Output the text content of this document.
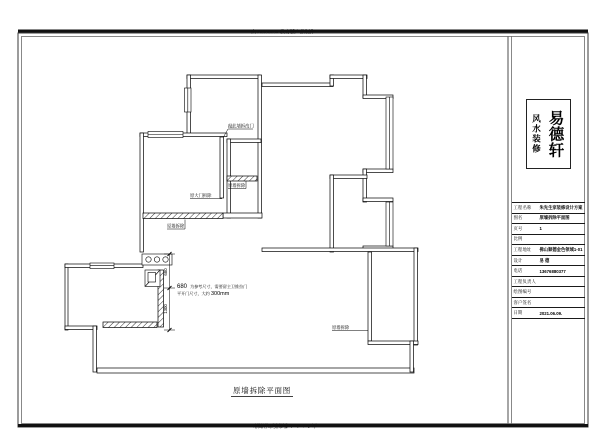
由 Autodesk 教育版产品制作
由 Autodesk 教育版产品制作
680
1300
敲此墙拆改门
原墙拆除
原大门拆除
原墙拆除
原墙拆除
680 为参考尺寸，需要留主卫推拉门
平开门尺寸，大约 300mm
原墙拆除平面图
风水装修 易德轩
工程名称	朱先生家装修设计方案
图名	原墙拆除平面图
页号	1
比例
工程地址	佛山顺德金色领域1-01
设计	易 德
电话	13676880377
工程负责人
绘图编号
客户签名
日期	2021.06.09.
